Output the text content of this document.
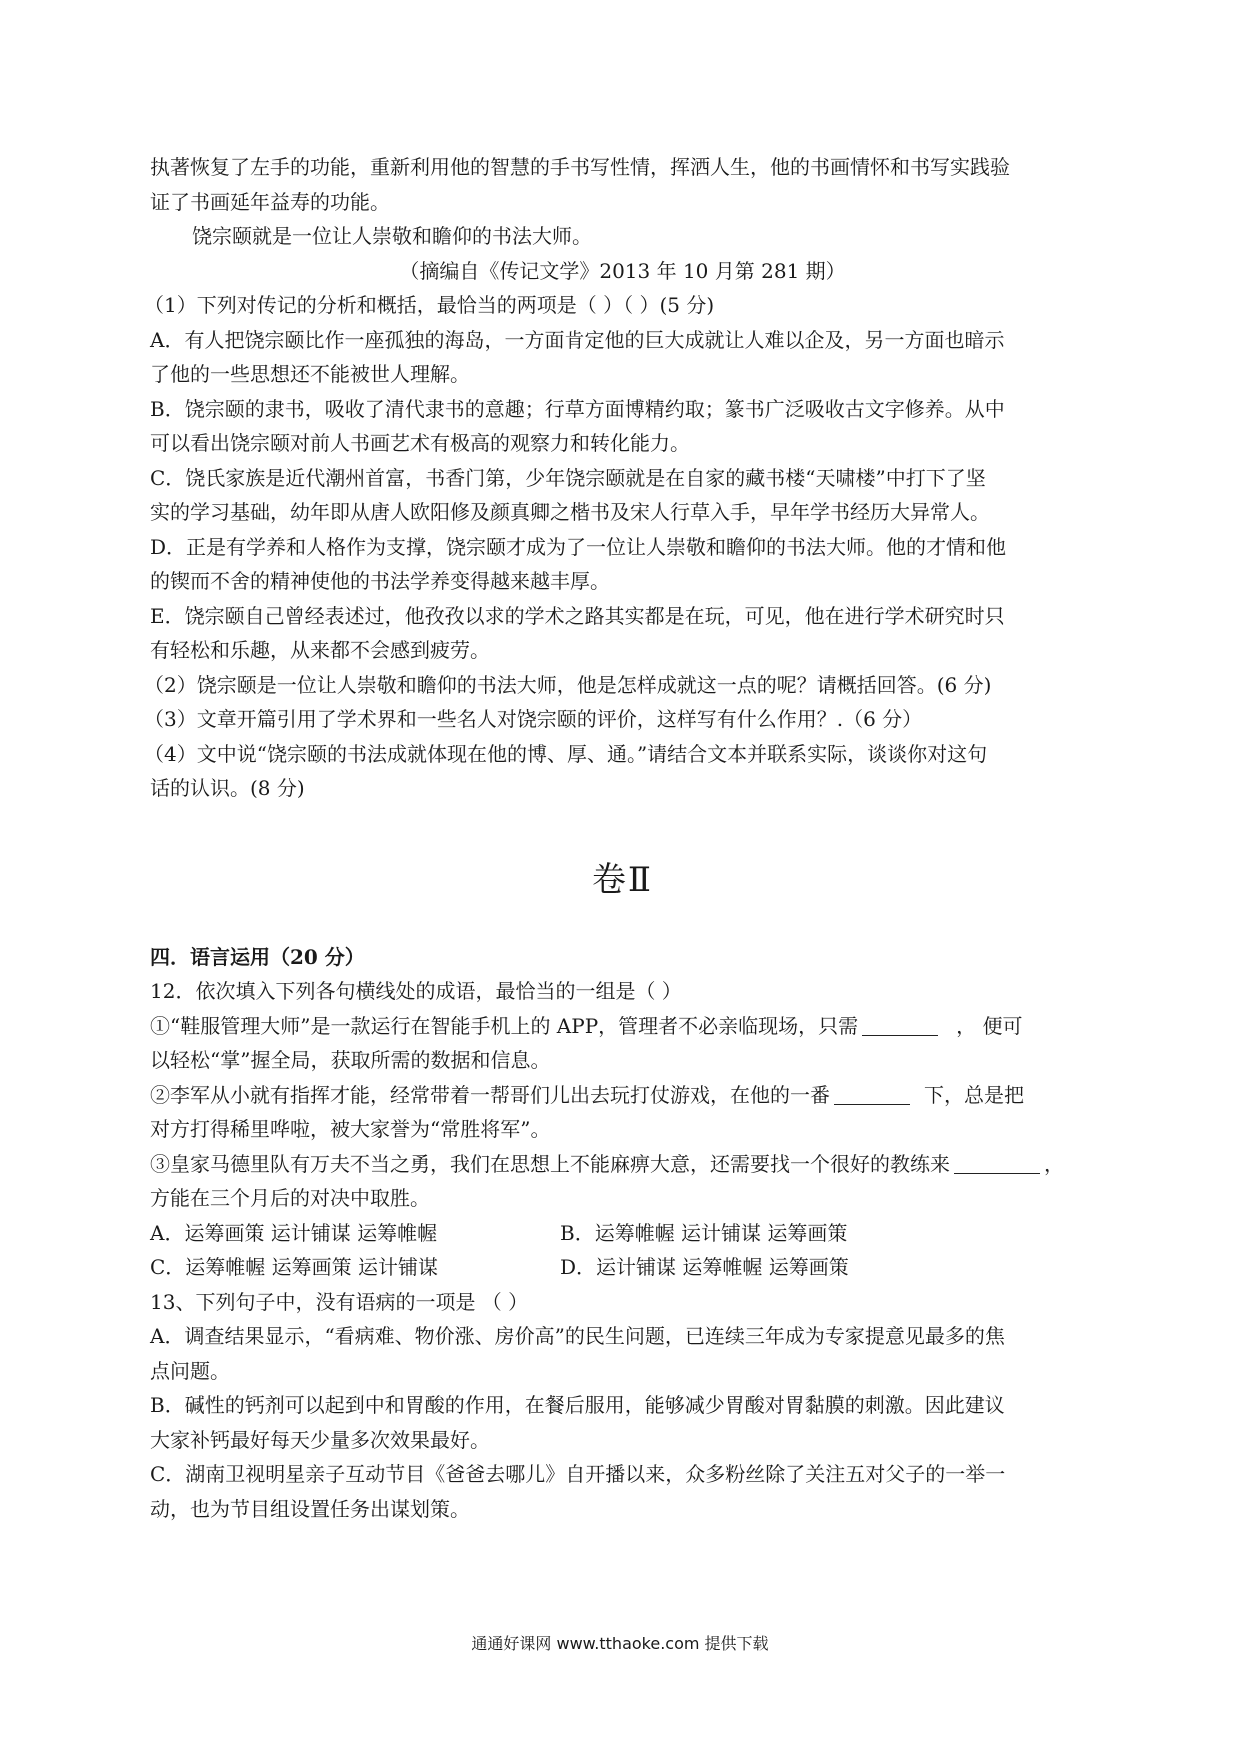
执著恢复了左手的功能，重新利用他的智慧的手书写性情，挥洒人生，他的书画情怀和书写实践验
证了书画延年益寿的功能。
饶宗颐就是一位让人崇敬和瞻仰的书法大师。
（摘编自《传记文学》2013 年 10 月第 281 期）
（1）下列对传记的分析和概括，最恰当的两项是（ ）（ ）(5 分)
A．有人把饶宗颐比作一座孤独的海岛，一方面肯定他的巨大成就让人难以企及，另一方面也暗示
了他的一些思想还不能被世人理解。
B．饶宗颐的隶书，吸收了清代隶书的意趣；行草方面博精约取；篆书广泛吸收古文字修养。从中
可以看出饶宗颐对前人书画艺术有极高的观察力和转化能力。
C．饶氏家族是近代潮州首富，书香门第，少年饶宗颐就是在自家的藏书楼“天啸楼”中打下了坚
实的学习基础，幼年即从唐人欧阳修及颜真卿之楷书及宋人行草入手，早年学书经历大异常人。
D．正是有学养和人格作为支撑，饶宗颐才成为了一位让人崇敬和瞻仰的书法大师。他的才情和他
的锲而不舍的精神使他的书法学养变得越来越丰厚。
E．饶宗颐自己曾经表述过，他孜孜以求的学术之路其实都是在玩，可见，他在进行学术研究时只
有轻松和乐趣，从来都不会感到疲劳。
（2）饶宗颐是一位让人崇敬和瞻仰的书法大师，他是怎样成就这一点的呢？请概括回答。(6 分)
（3）文章开篇引用了学术界和一些名人对饶宗颐的评价，这样写有什么作用？.（6 分）
（4）文中说“饶宗颐的书法成就体现在他的博、厚、通。”请结合文本并联系实际，谈谈你对这句
话的认识。(8 分)
卷Ⅱ
四．语言运用（20 分）
12．依次填入下列各句横线处的成语，最恰当的一组是（ ）
①“鞋服管理大师”是一款运行在智能手机上的 APP，管理者不必亲临现场，只需	， 便可
以轻松“掌”握全局，获取所需的数据和信息。
②李军从小就有指挥才能，经常带着一帮哥们儿出去玩打仗游戏，在他的一番	下，总是把
对方打得稀里哗啦，被大家誉为“常胜将军”。
③皇家马德里队有万夫不当之勇，我们在思想上不能麻痹大意，还需要找一个很好的教练来	，
方能在三个月后的对决中取胜。
A．运筹画策 运计铺谋 运筹帷幄	B．运筹帷幄 运计铺谋 运筹画策
C．运筹帷幄 运筹画策 运计铺谋	D．运计铺谋 运筹帷幄 运筹画策
13、下列句子中，没有语病的一项是 （ ）
A．调查结果显示，“看病难、物价涨、房价高”的民生问题，已连续三年成为专家提意见最多的焦
点问题。
B．碱性的钙剂可以起到中和胃酸的作用，在餐后服用，能够减少胃酸对胃黏膜的刺激。因此建议
大家补钙最好每天少量多次效果最好。
C．湖南卫视明星亲子互动节目《爸爸去哪儿》自开播以来，众多粉丝除了关注五对父子的一举一
动，也为节目组设置任务出谋划策。
通通好课网 www.tthaoke.com 提供下载
